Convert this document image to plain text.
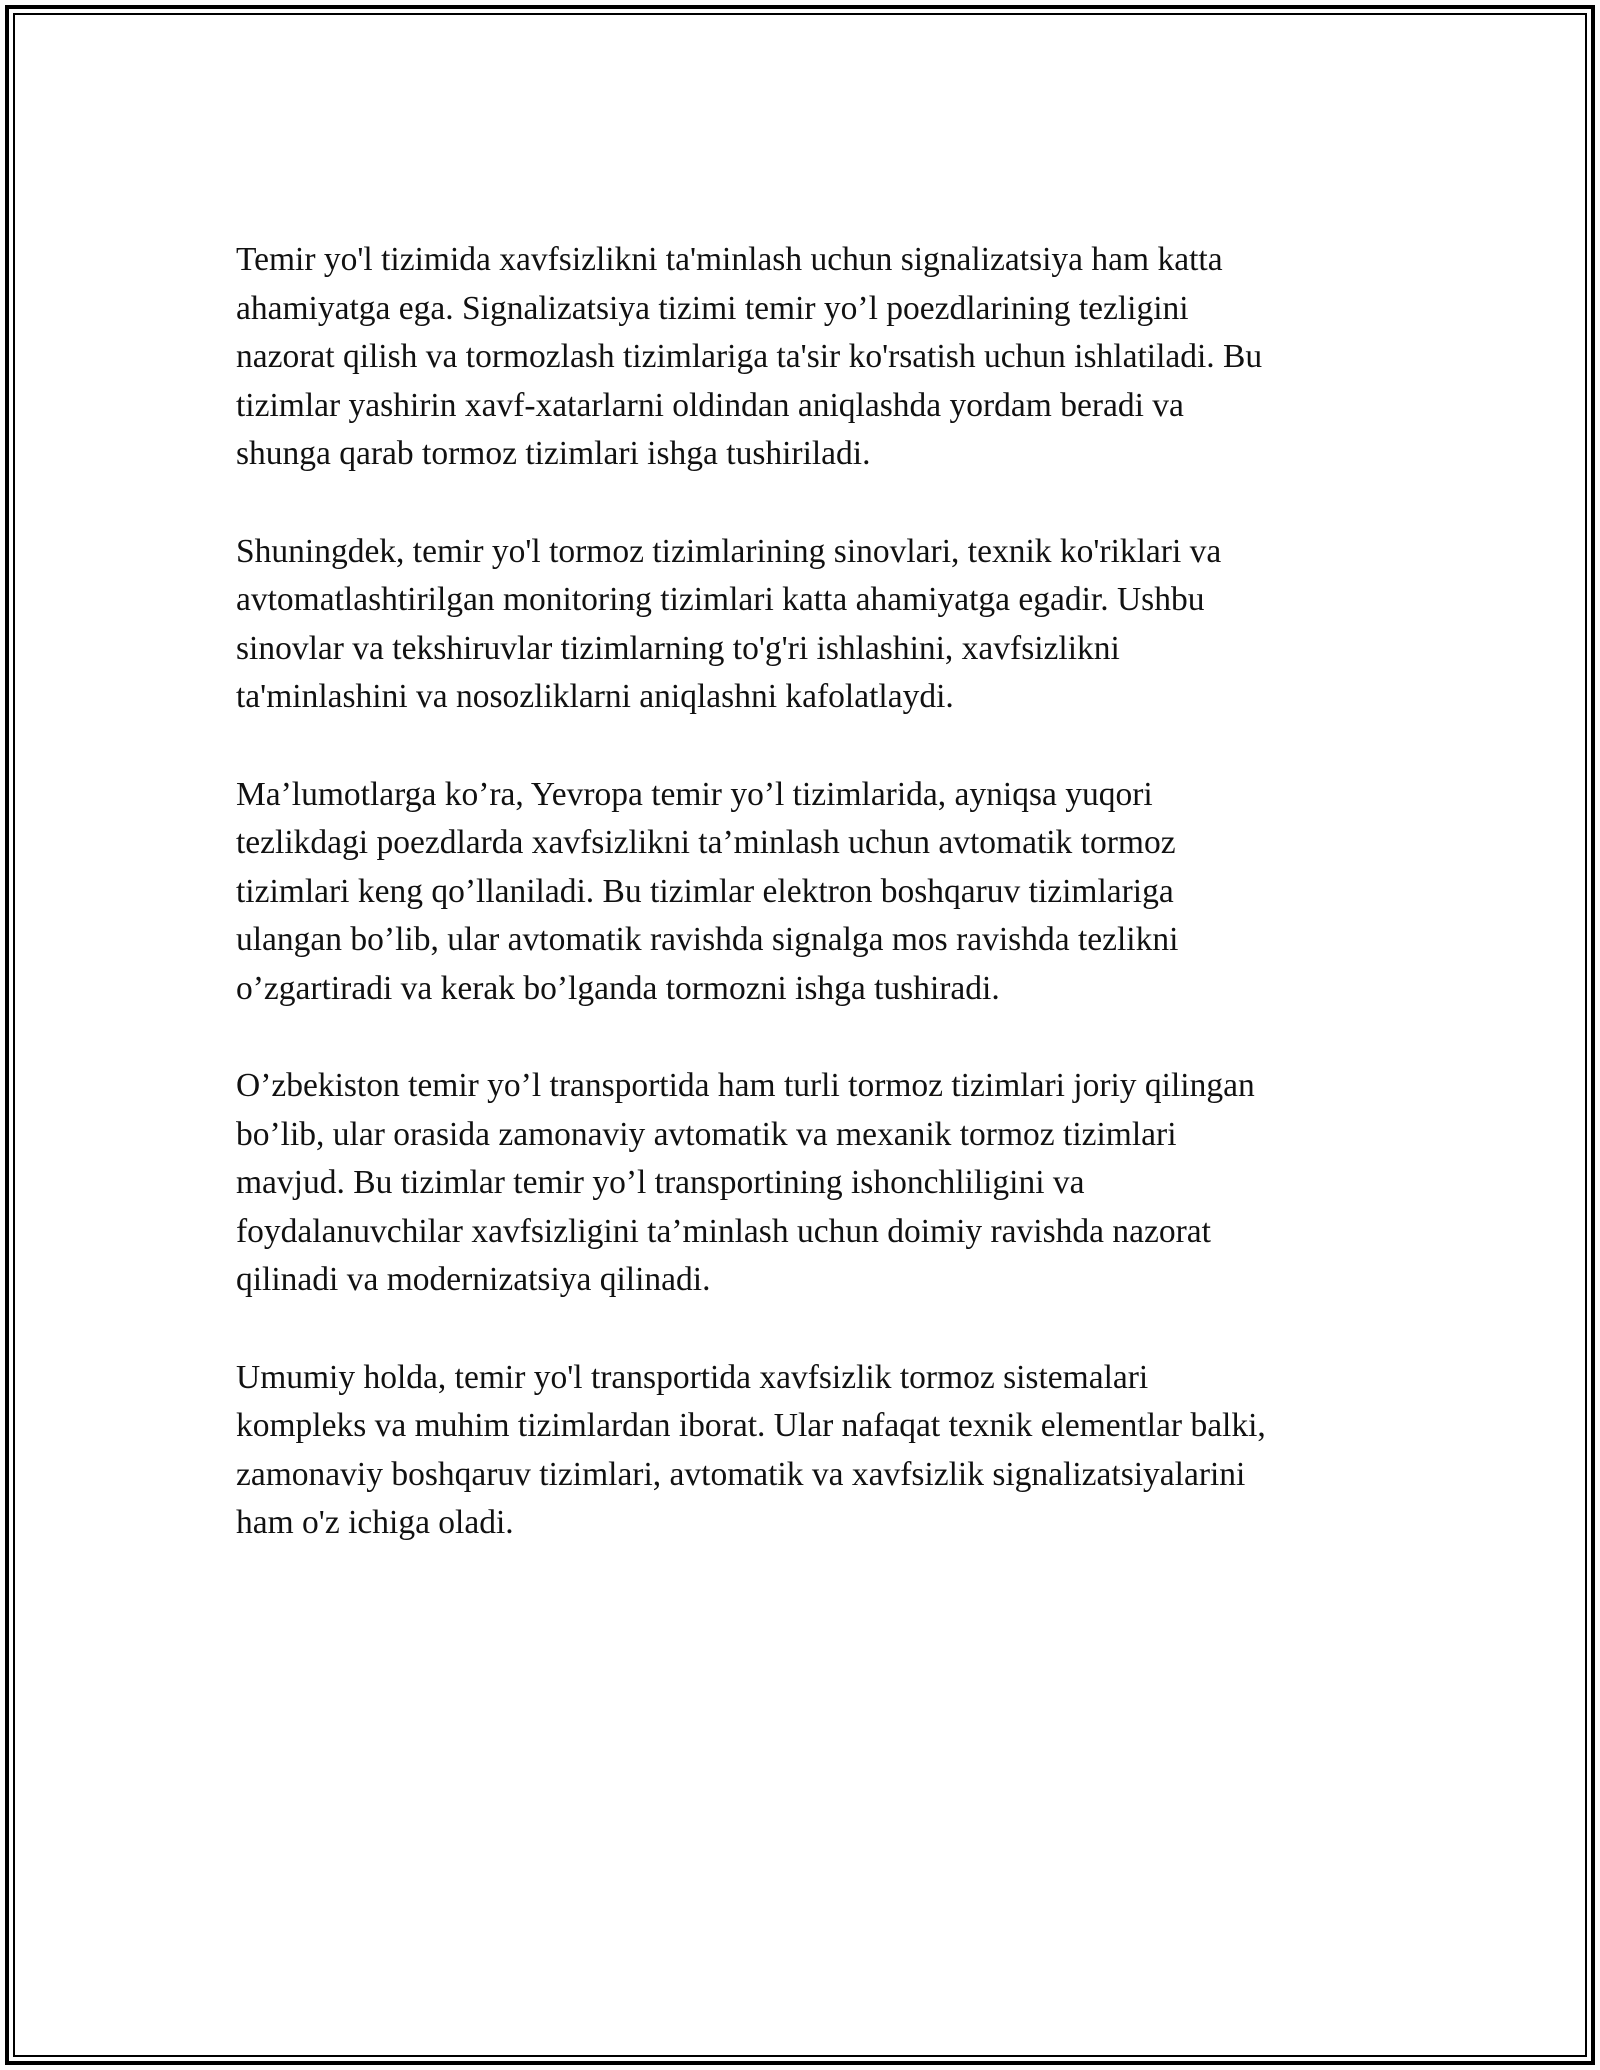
Temir yo'l tizimida xavfsizlikni ta'minlash uchun signalizatsiya ham katta
ahamiyatga ega. Signalizatsiya tizimi temir yo’l poezdlarining tezligini
nazorat qilish va tormozlash tizimlariga ta'sir ko'rsatish uchun ishlatiladi. Bu
tizimlar yashirin xavf-xatarlarni oldindan aniqlashda yordam beradi va
shunga qarab tormoz tizimlari ishga tushiriladi.

Shuningdek, temir yo'l tormoz tizimlarining sinovlari, texnik ko'riklari va
avtomatlashtirilgan monitoring tizimlari katta ahamiyatga egadir. Ushbu
sinovlar va tekshiruvlar tizimlarning to'g'ri ishlashini, xavfsizlikni
ta'minlashini va nosozliklarni aniqlashni kafolatlaydi.

Ma’lumotlarga ko’ra, Yevropa temir yo’l tizimlarida, ayniqsa yuqori
tezlikdagi poezdlarda xavfsizlikni ta’minlash uchun avtomatik tormoz
tizimlari keng qo’llaniladi. Bu tizimlar elektron boshqaruv tizimlariga
ulangan bo’lib, ular avtomatik ravishda signalga mos ravishda tezlikni
o’zgartiradi va kerak bo’lganda tormozni ishga tushiradi.

O’zbekiston temir yo’l transportida ham turli tormoz tizimlari joriy qilingan
bo’lib, ular orasida zamonaviy avtomatik va mexanik tormoz tizimlari
mavjud. Bu tizimlar temir yo’l transportining ishonchliligini va
foydalanuvchilar xavfsizligini ta’minlash uchun doimiy ravishda nazorat
qilinadi va modernizatsiya qilinadi.

Umumiy holda, temir yo'l transportida xavfsizlik tormoz sistemalari
kompleks va muhim tizimlardan iborat. Ular nafaqat texnik elementlar balki,
zamonaviy boshqaruv tizimlari, avtomatik va xavfsizlik signalizatsiyalarini
ham o'z ichiga oladi.
